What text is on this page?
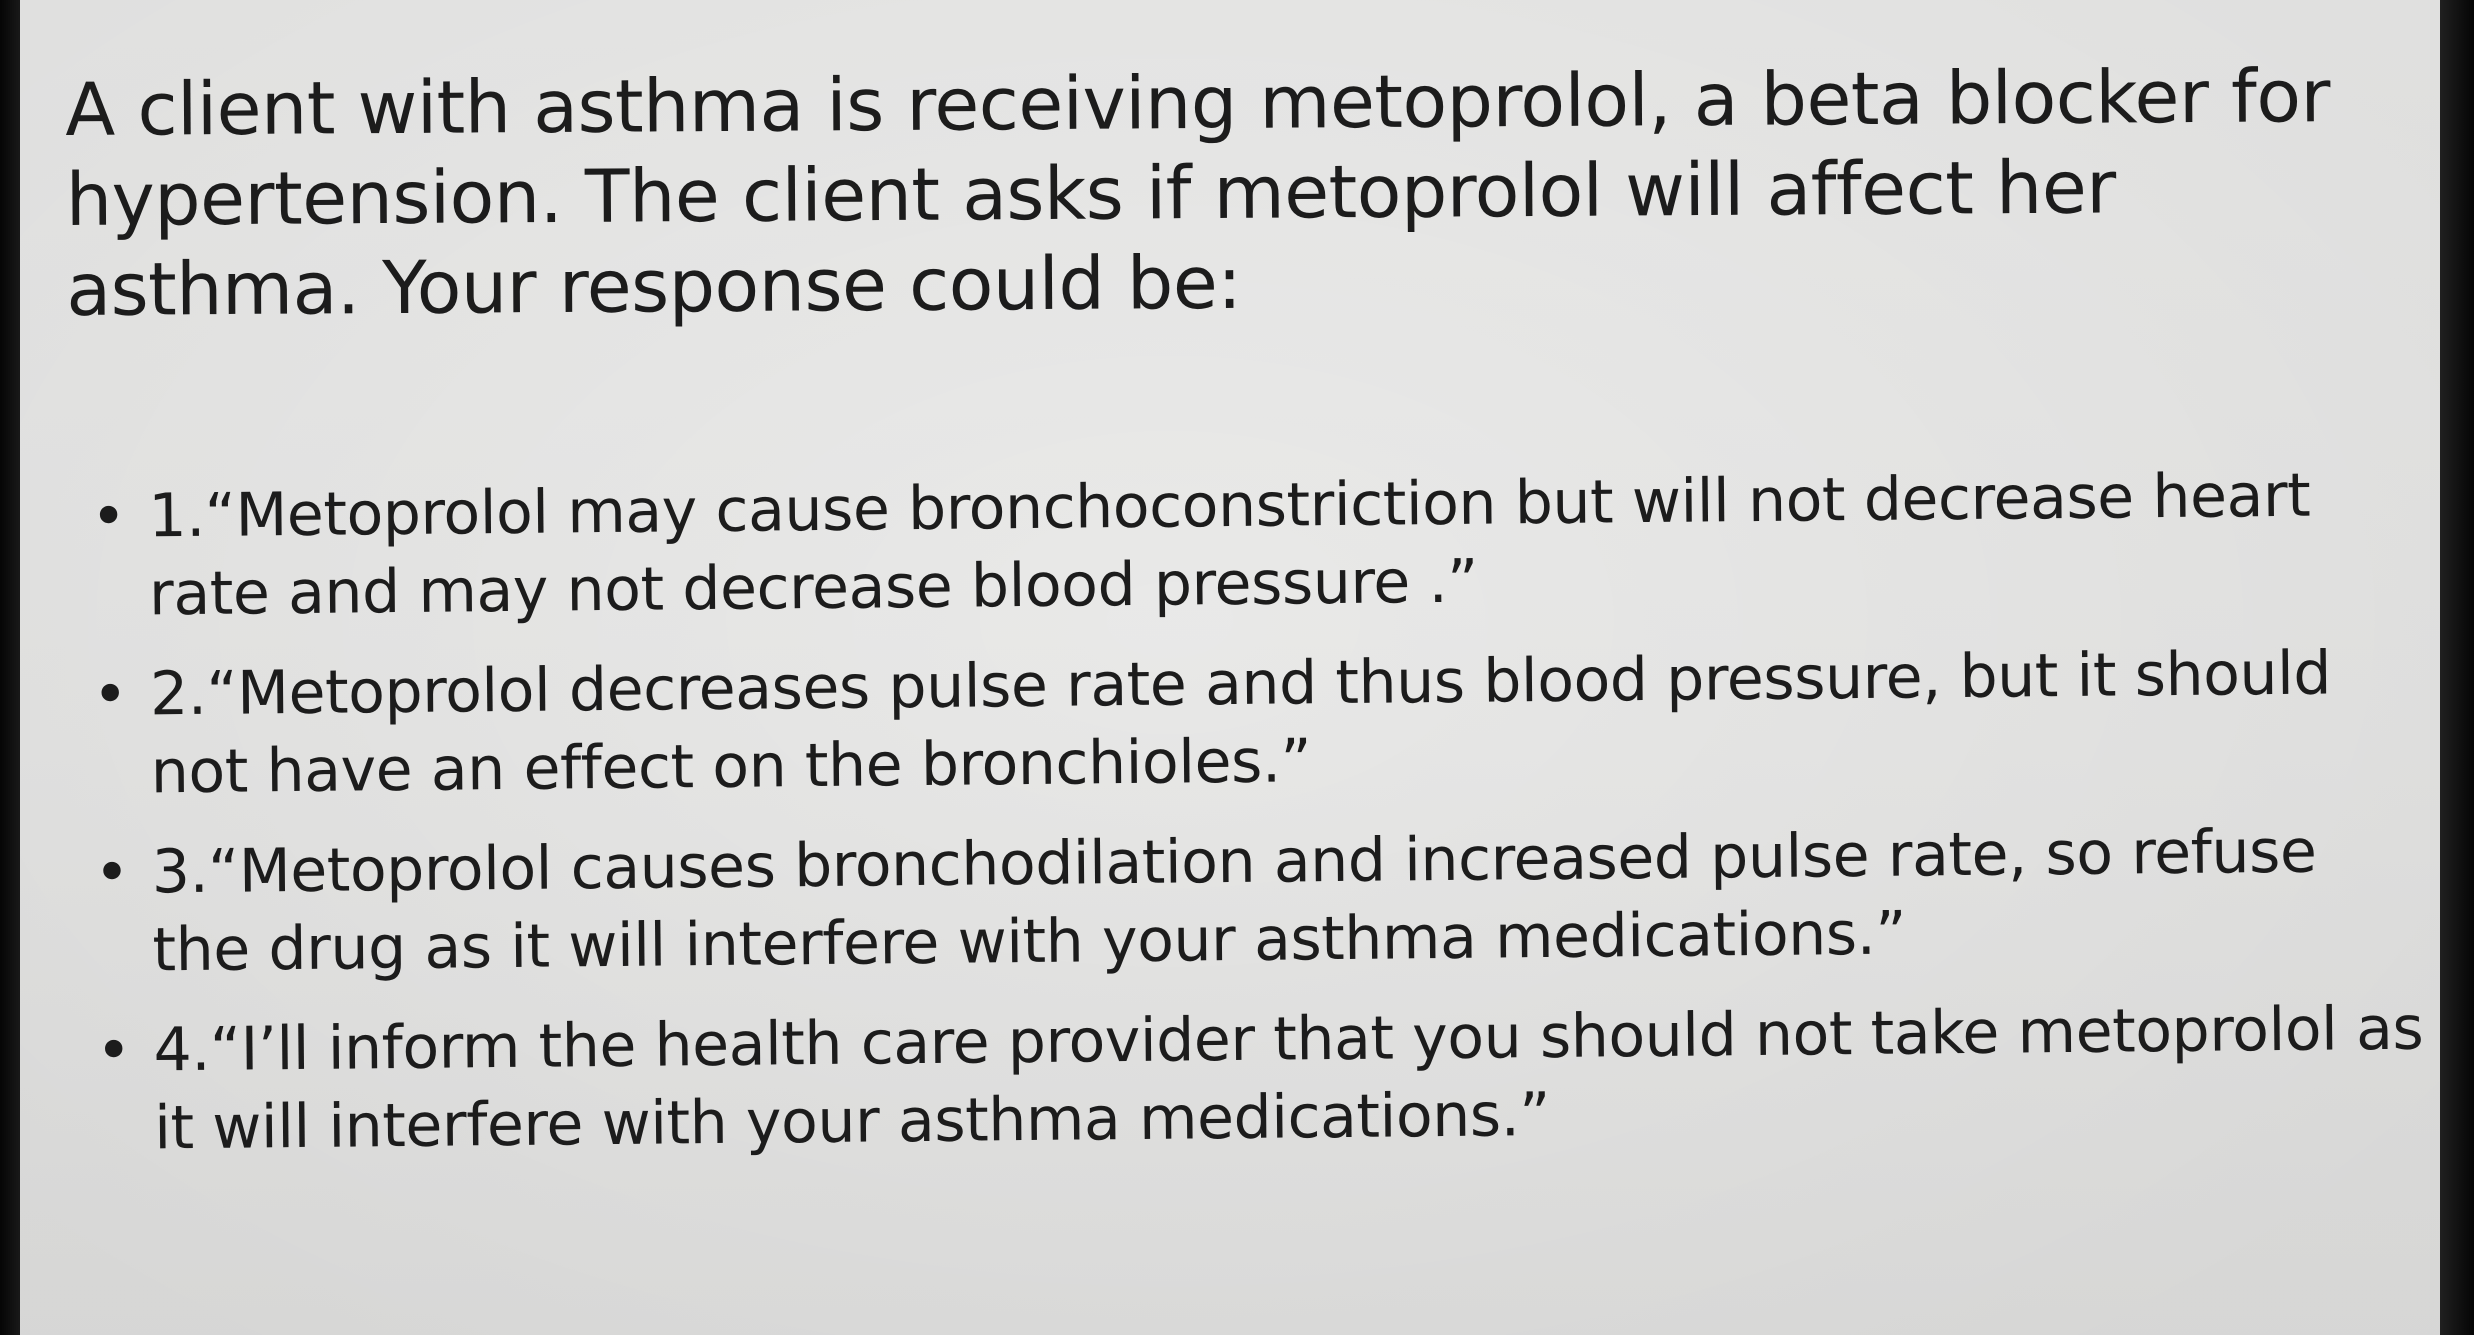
A client with asthma is receiving metoprolol, a beta blocker for hypertension. The client asks if metoprolol will affect her asthma. Your response could be:

• 1.“Metoprolol may cause bronchoconstriction but will not decrease heart rate and may not decrease blood pressure .”
• 2.“Metoprolol decreases pulse rate and thus blood pressure, but it should not have an effect on the bronchioles.”
• 3.“Metoprolol causes bronchodilation and increased pulse rate, so refuse the drug as it will interfere with your asthma medications.”
• 4.“I’ll inform the health care provider that you should not take metoprolol as it will interfere with your asthma medications.”
